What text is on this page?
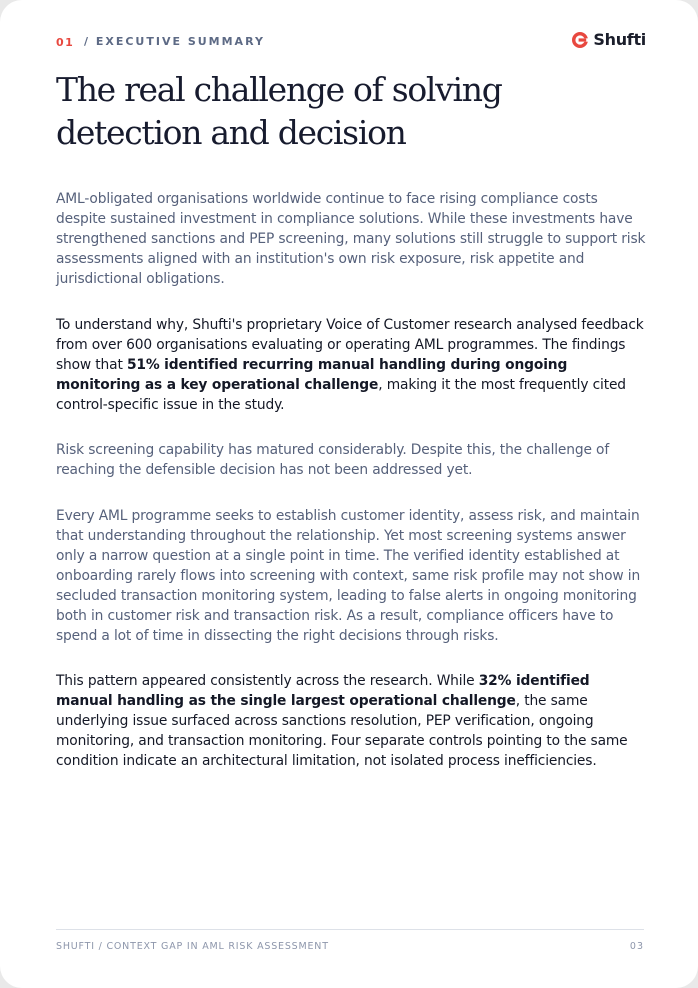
01 / EXECUTIVE SUMMARY	Shufti
The real challenge of solving
detection and decision

AML-obligated organisations worldwide continue to face rising compliance costs despite sustained investment in compliance solutions. While these investments have strengthened sanctions and PEP screening, many solutions still struggle to support risk assessments aligned with an institution's own risk exposure, risk appetite and jurisdictional obligations.

To understand why, Shufti's proprietary Voice of Customer research analysed feedback from over 600 organisations evaluating or operating AML programmes. The findings show that 51% identified recurring manual handling during ongoing monitoring as a key operational challenge, making it the most frequently cited control-specific issue in the study.

Risk screening capability has matured considerably. Despite this, the challenge of reaching the defensible decision has not been addressed yet.

Every AML programme seeks to establish customer identity, assess risk, and maintain that understanding throughout the relationship. Yet most screening systems answer only a narrow question at a single point in time. The verified identity established at onboarding rarely flows into screening with context, same risk profile may not show in secluded transaction monitoring system, leading to false alerts in ongoing monitoring both in customer risk and transaction risk. As a result, compliance officers have to spend a lot of time in dissecting the right decisions through risks.

This pattern appeared consistently across the research. While 32% identified manual handling as the single largest operational challenge, the same underlying issue surfaced across sanctions resolution, PEP verification, ongoing monitoring, and transaction monitoring. Four separate controls pointing to the same condition indicate an architectural limitation, not isolated process inefficiencies.

SHUFTI / CONTEXT GAP IN AML RISK ASSESSMENT	03
